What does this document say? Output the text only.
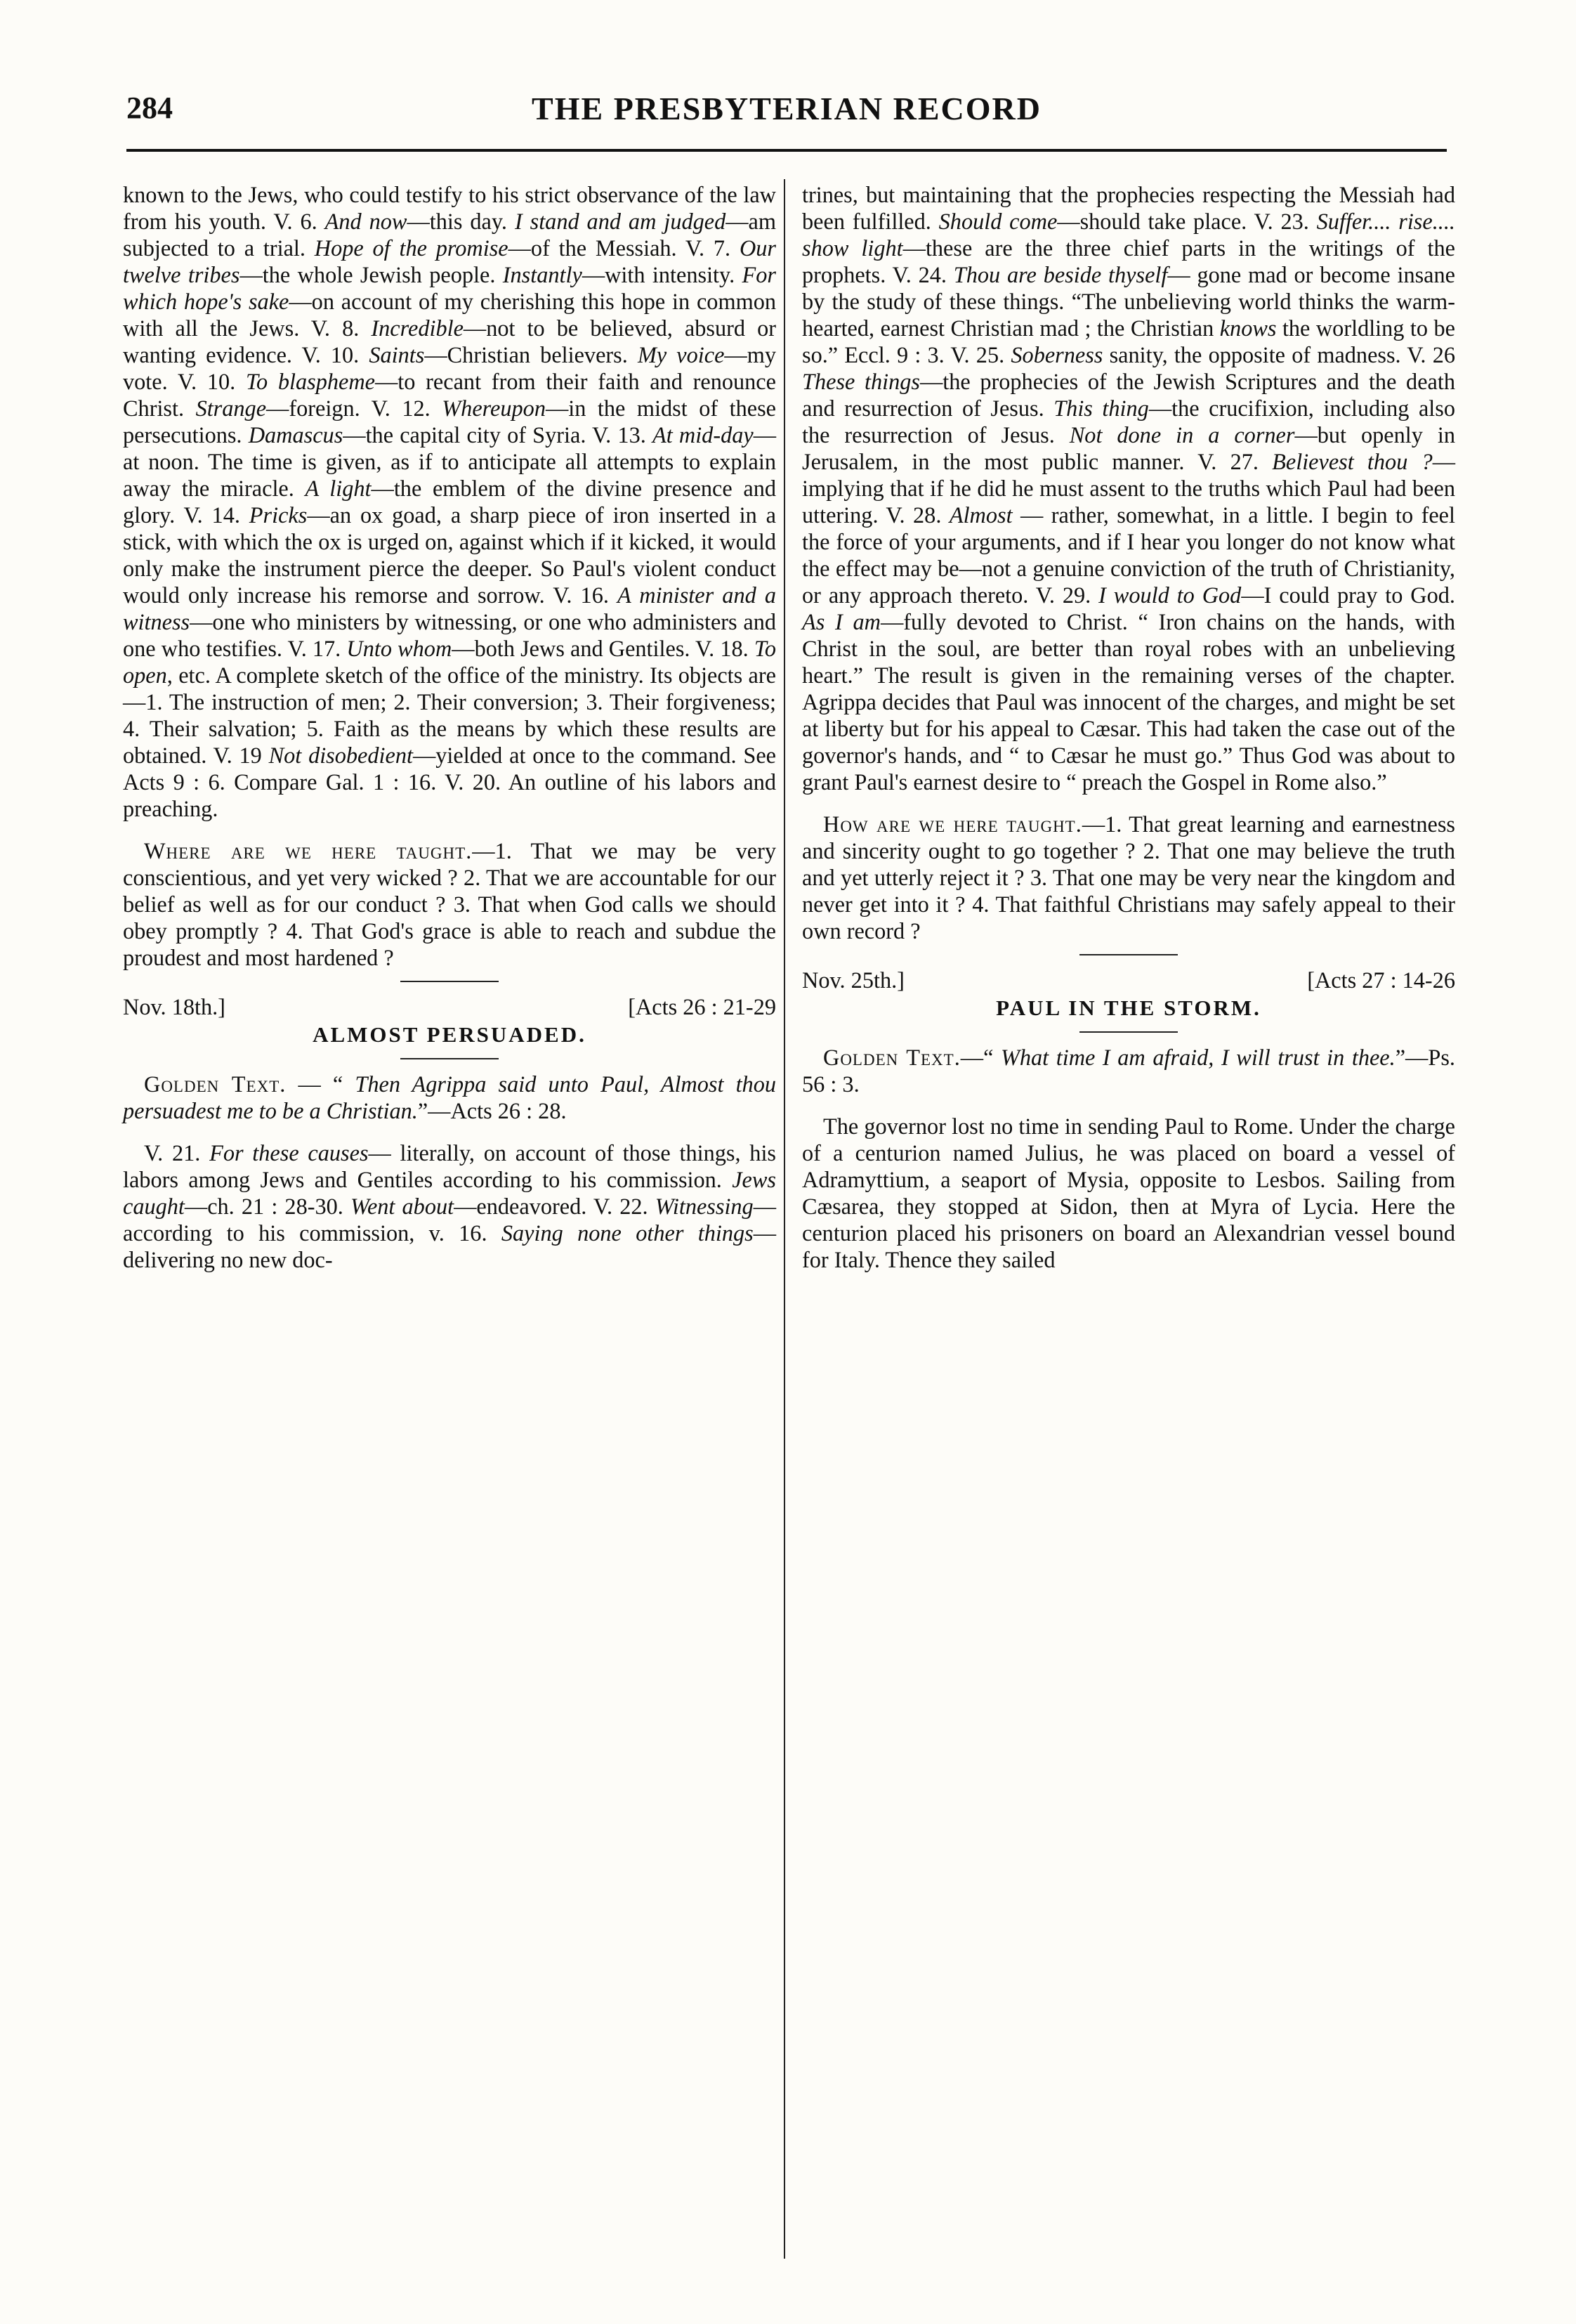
284	THE PRESBYTERIAN RECORD

known to the Jews, who could testify to his strict observance of the law from his youth. V. 6. And now—this day. I stand and am judged—am subjected to a trial. Hope of the promise—of the Messiah. V. 7. Our twelve tribes—the whole Jewish people. Instantly—with intensity. For which hope's sake—on account of my cherishing this hope in common with all the Jews. V. 8. Incredible—not to be believed, absurd or wanting evidence. V. 10. Saints—Christian believers. My voice—my vote. V. 10. To blaspheme—to recant from their faith and renounce Christ. Strange—foreign. V. 12. Whereupon—in the midst of these persecutions. Damascus—the capital city of Syria. V. 13. At mid-day—at noon. The time is given, as if to anticipate all attempts to explain away the miracle. A light—the emblem of the divine presence and glory. V. 14. Pricks—an ox goad, a sharp piece of iron inserted in a stick, with which the ox is urged on, against which if it kicked, it would only make the instrument pierce the deeper. So Paul's violent conduct would only increase his remorse and sorrow. V. 16. A minister and a witness—one who ministers by witnessing, or one who administers and one who testifies. V. 17. Unto whom—both Jews and Gentiles. V. 18. To open, etc. A complete sketch of the office of the ministry. Its objects are—1. The instruction of men; 2. Their conversion; 3. Their forgiveness; 4. Their salvation; 5. Faith as the means by which these results are obtained. V. 19 Not disobedient—yielded at once to the command. See Acts 9 : 6. Compare Gal. 1 : 16. V. 20. An outline of his labors and preaching.

Where are we here taught.—1. That we may be very conscientious, and yet very wicked ? 2. That we are accountable for our belief as well as for our conduct ? 3. That when God calls we should obey promptly ? 4. That God's grace is able to reach and subdue the proudest and most hardened ?

Nov. 18th.]	[Acts 26 : 21-29
ALMOST PERSUADED.

Golden Text. — “ Then Agrippa said unto Paul, Almost thou persuadest me to be a Christian.”—Acts 26 : 28.

V. 21. For these causes— literally, on account of those things, his labors among Jews and Gentiles according to his commission. Jews caught—ch. 21 : 28-30. Went about—endeavored. V. 22. Witnessing— according to his commission, v. 16. Saying none other things—delivering no new doc-

trines, but maintaining that the prophecies respecting the Messiah had been fulfilled. Should come—should take place. V. 23. Suffer.... rise.... show light—these are the three chief parts in the writings of the prophets. V. 24. Thou are beside thyself— gone mad or become insane by the study of these things. “The unbelieving world thinks the warm-hearted, earnest Christian mad ; the Christian knows the worldling to be so.” Eccl. 9 : 3. V. 25. Soberness sanity, the opposite of madness. V. 26 These things—the prophecies of the Jewish Scriptures and the death and resurrection of Jesus. This thing—the crucifixion, including also the resurrection of Jesus. Not done in a corner—but openly in Jerusalem, in the most public manner. V. 27. Believest thou ?—implying that if he did he must assent to the truths which Paul had been uttering. V. 28. Almost — rather, somewhat, in a little. I begin to feel the force of your arguments, and if I hear you longer do not know what the effect may be—not a genuine conviction of the truth of Christianity, or any approach thereto. V. 29. I would to God—I could pray to God. As I am—fully devoted to Christ. “ Iron chains on the hands, with Christ in the soul, are better than royal robes with an unbelieving heart.” The result is given in the remaining verses of the chapter. Agrippa decides that Paul was innocent of the charges, and might be set at liberty but for his appeal to Cæsar. This had taken the case out of the governor's hands, and “ to Cæsar he must go.” Thus God was about to grant Paul's earnest desire to “ preach the Gospel in Rome also.”

How are we here taught.—1. That great learning and earnestness and sincerity ought to go together ? 2. That one may believe the truth and yet utterly reject it ? 3. That one may be very near the kingdom and never get into it ? 4. That faithful Christians may safely appeal to their own record ?

Nov. 25th.]	[Acts 27 : 14-26
PAUL IN THE STORM.

Golden Text.—“ What time I am afraid, I will trust in thee.”—Ps. 56 : 3.

The governor lost no time in sending Paul to Rome. Under the charge of a centurion named Julius, he was placed on board a vessel of Adramyttium, a seaport of Mysia, opposite to Lesbos. Sailing from Cæsarea, they stopped at Sidon, then at Myra of Lycia. Here the centurion placed his prisoners on board an Alexandrian vessel bound for Italy. Thence they sailed
